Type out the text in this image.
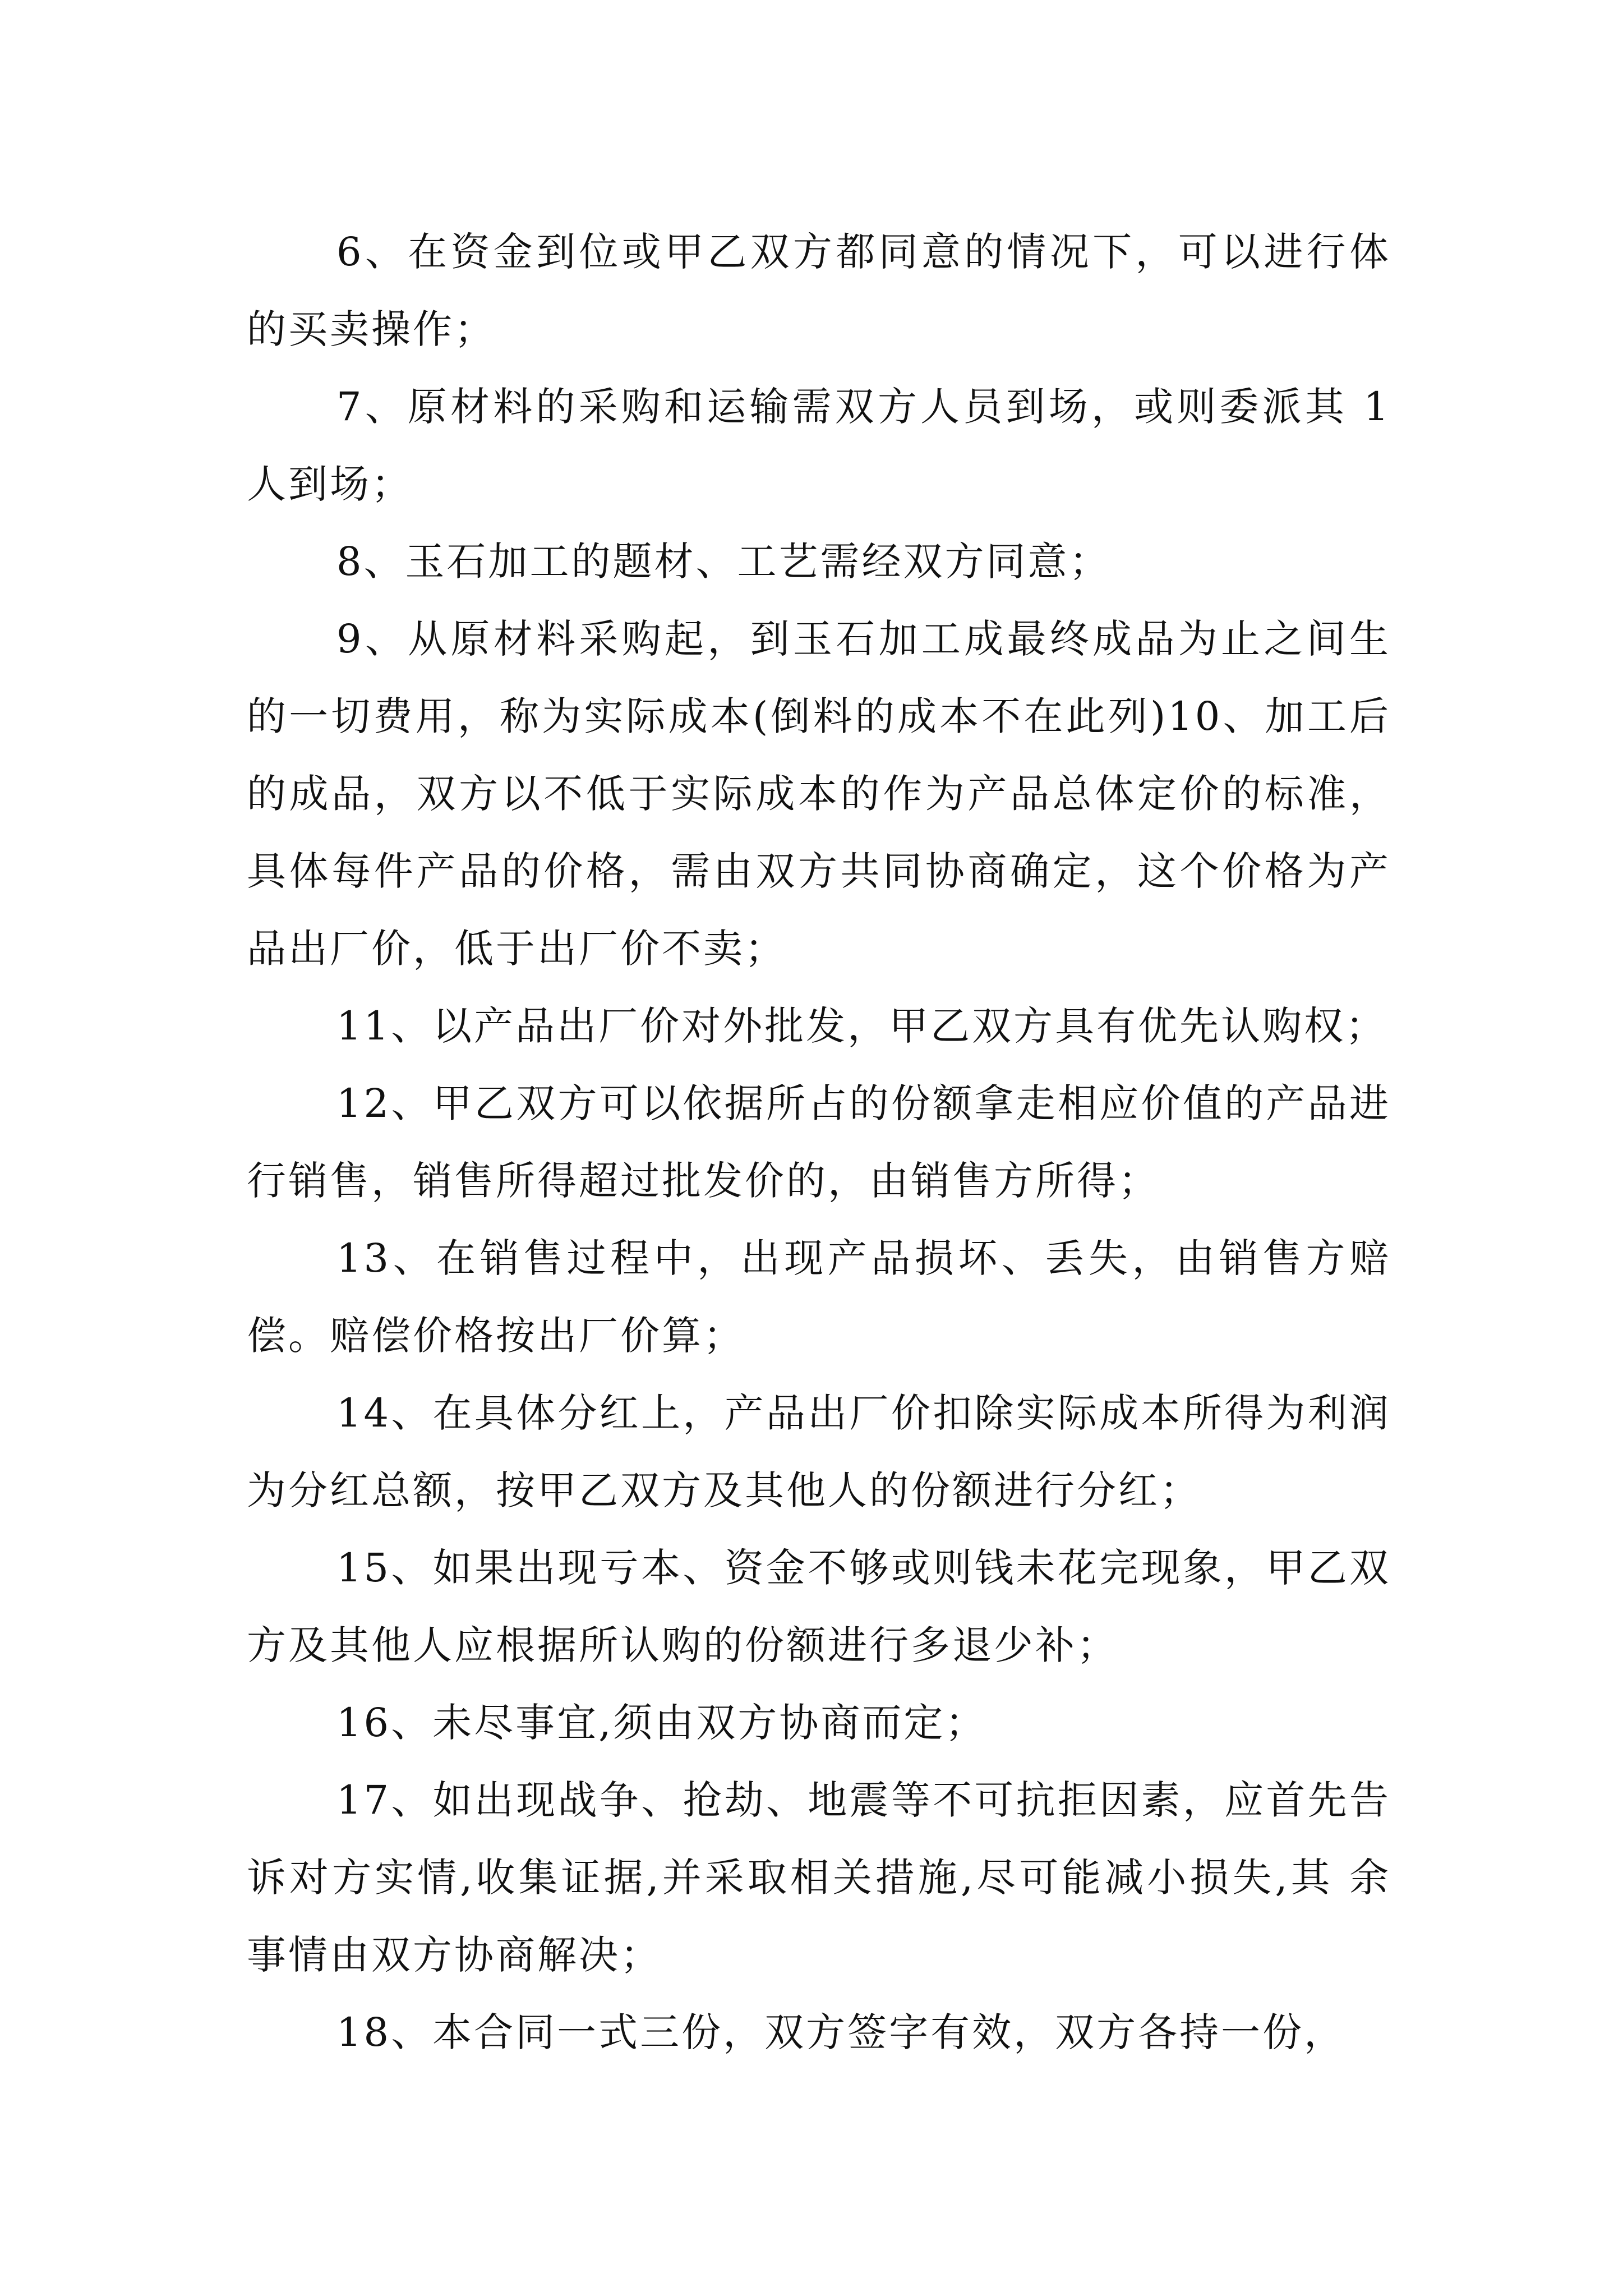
6、在资金到位或甲乙双方都同意的情况下，可以进行体的买卖操作；

7、原材料的采购和运输需双方人员到场，或则委派其 1 人到场；

8、玉石加工的题材、工艺需经双方同意；

9、从原材料采购起，到玉石加工成最终成品为止之间生的一切费用，称为实际成本(倒料的成本不在此列)10、加工后的成品，双方以不低于实际成本的作为产品总体定价的标准，具体每件产品的价格，需由双方共同协商确定，这个价格为产品出厂价，低于出厂价不卖；

11、以产品出厂价对外批发，甲乙双方具有优先认购权；

12、甲乙双方可以依据所占的份额拿走相应价值的产品进行销售，销售所得超过批发价的，由销售方所得；

13、在销售过程中，出现产品损坏、丢失，由销售方赔偿。赔偿价格按出厂价算；

14、在具体分红上，产品出厂价扣除实际成本所得为利润为分红总额，按甲乙双方及其他人的份额进行分红；

15、如果出现亏本、资金不够或则钱未花完现象，甲乙双方及其他人应根据所认购的份额进行多退少补；

16、未尽事宜,须由双方协商而定；

17、如出现战争、抢劫、地震等不可抗拒因素，应首先告诉对方实情,收集证据,并采取相关措施,尽可能减小损失,其 余事情由双方协商解决；

18、本合同一式三份，双方签字有效，双方各持一份，
